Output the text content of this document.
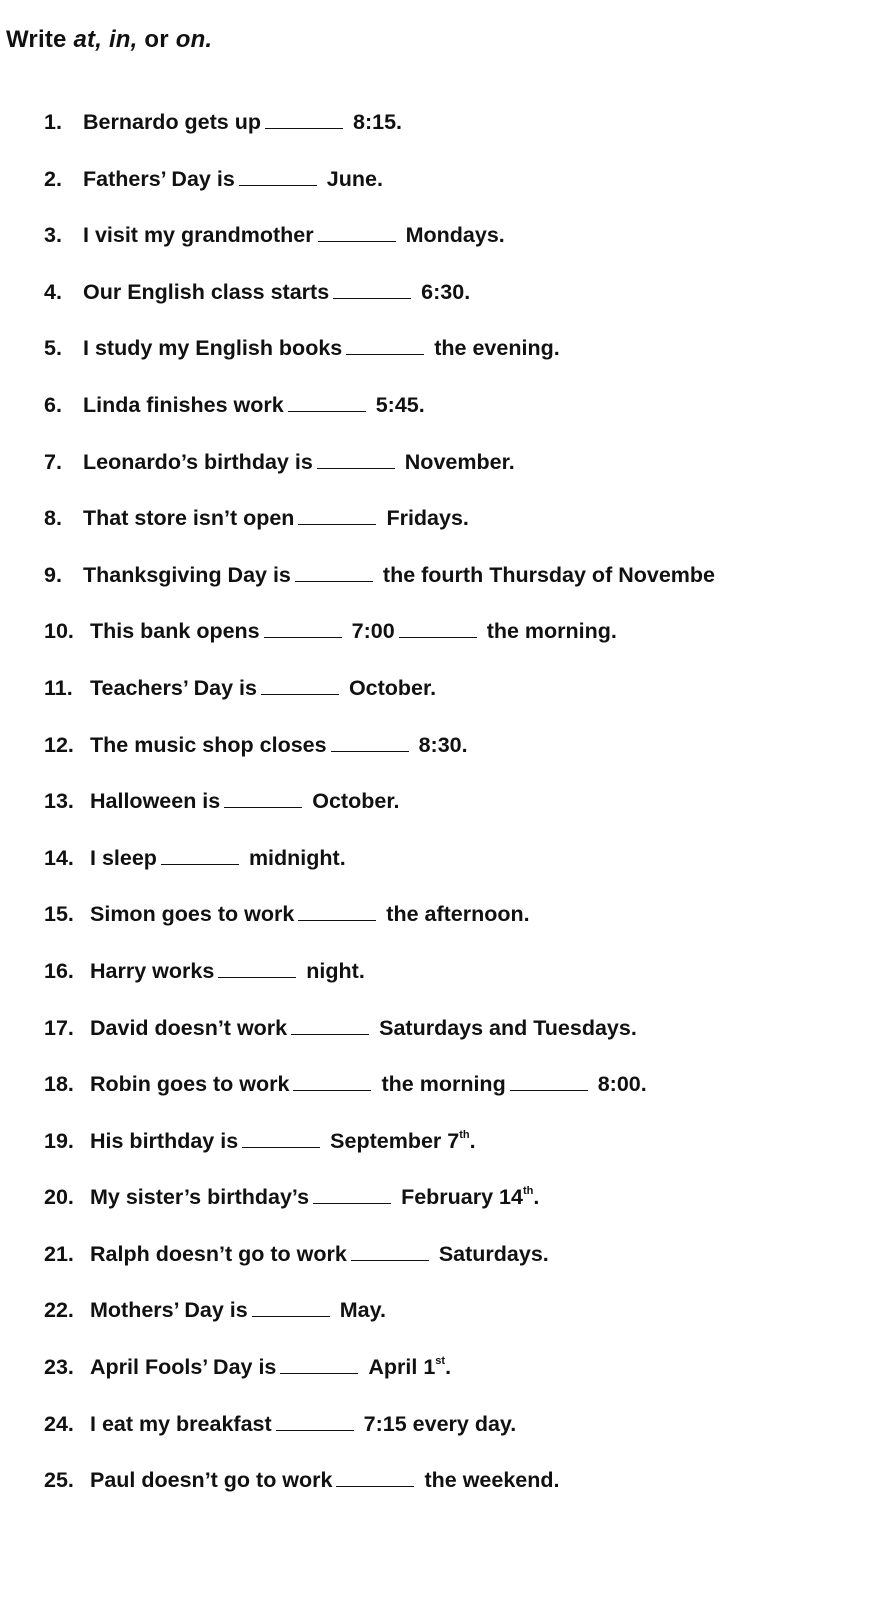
Write at, in, or on.
1. Bernardo gets up	8:15.
2. Fathers’ Day is	June.
3. I visit my grandmother	Mondays.
4. Our English class starts	6:30.
5. I study my English books	the evening.
6. Linda finishes work	5:45.
7. Leonardo’s birthday is	November.
8. That store isn’t open	Fridays.
9. Thanksgiving Day is	the fourth Thursday of Novembe
10. This bank opens	7:00	the morning.
11. Teachers’ Day is	October.
12. The music shop closes	8:30.
13. Halloween is	October.
14. I sleep	midnight.
15. Simon goes to work	the afternoon.
16. Harry works	night.
17. David doesn’t work	Saturdays and Tuesdays.
18. Robin goes to work	the morning	8:00.
19. His birthday is	September 7th.
20. My sister’s birthday’s	February 14th.
21. Ralph doesn’t go to work	Saturdays.
22. Mothers’ Day is	May.
23. April Fools’ Day is	April 1st.
24. I eat my breakfast	7:15 every day.
25. Paul doesn’t go to work	the weekend.
